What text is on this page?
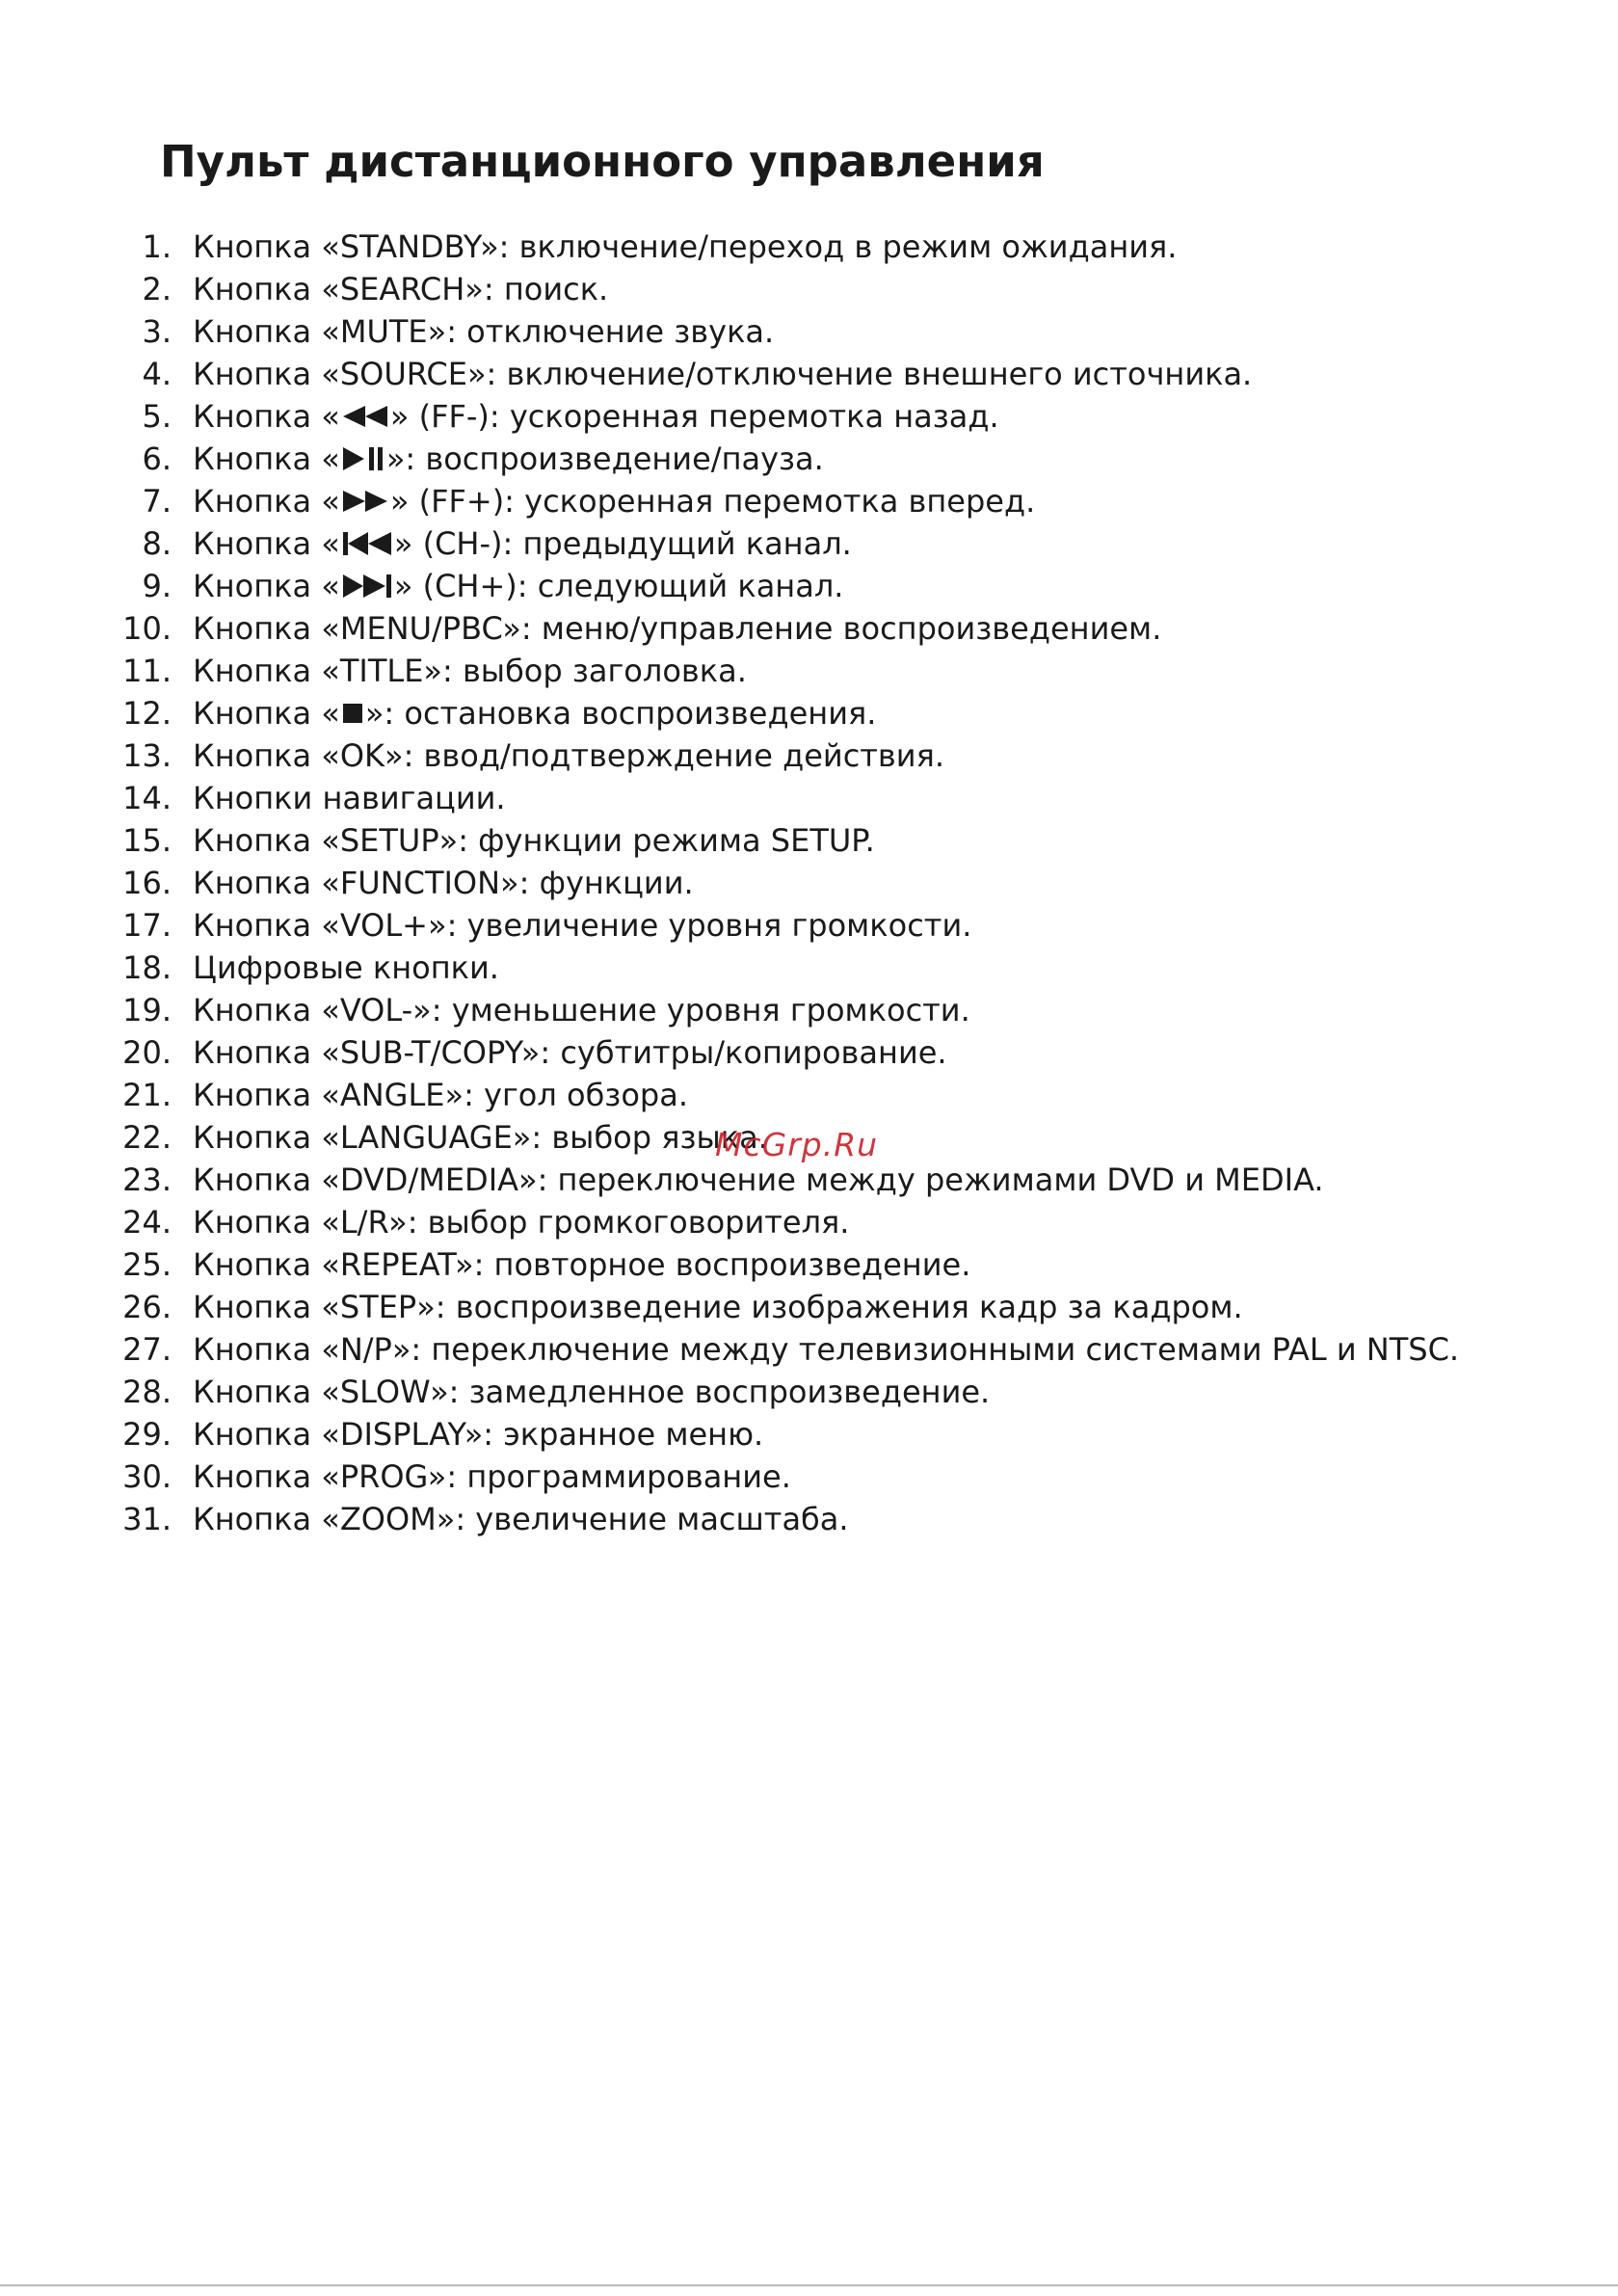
Пульт дистанционного управления
1. Кнопка «STANDBY»: включение/переход в режим ожидания.
2. Кнопка «SEARCH»: поиск.
3. Кнопка «MUTE»: отключение звука.
4. Кнопка «SOURCE»: включение/отключение внешнего источника.
5. Кнопка « » (FF-): ускоренная перемотка назад.
6. Кнопка « »: воспроизведение/пауза.
7. Кнопка « » (FF+): ускоренная перемотка вперед.
8. Кнопка « » (CH-): предыдущий канал.
9. Кнопка « » (CH+): следующий канал.
10. Кнопка «MENU/PBC»: меню/управление воспроизведением.
11. Кнопка «TITLE»: выбор заголовка.
12. Кнопка « »: остановка воспроизведения.
13. Кнопка «OK»: ввод/подтверждение действия.
14. Кнопки навигации.
15. Кнопка «SETUP»: функции режима SETUP.
16. Кнопка «FUNCTION»: функции.
17. Кнопка «VOL+»: увеличение уровня громкости.
18. Цифровые кнопки.
19. Кнопка «VOL-»: уменьшение уровня громкости.
20. Кнопка «SUB-T/COPY»: субтитры/копирование.
21. Кнопка «ANGLE»: угол обзора.
22. Кнопка «LANGUAGE»: выбор языка.
23. Кнопка «DVD/MEDIA»: переключение между режимами DVD и MEDIA.
24. Кнопка «L/R»: выбор громкоговорителя.
25. Кнопка «REPEAT»: повторное воспроизведение.
26. Кнопка «STEP»: воспроизведение изображения кадр за кадром.
27. Кнопка «N/P»: переключение между телевизионными системами PAL и NTSC.
28. Кнопка «SLOW»: замедленное воспроизведение.
29. Кнопка «DISPLAY»: экранное меню.
30. Кнопка «PROG»: программирование.
31. Кнопка «ZOOM»: увеличение масштаба.
McGrp.Ru
